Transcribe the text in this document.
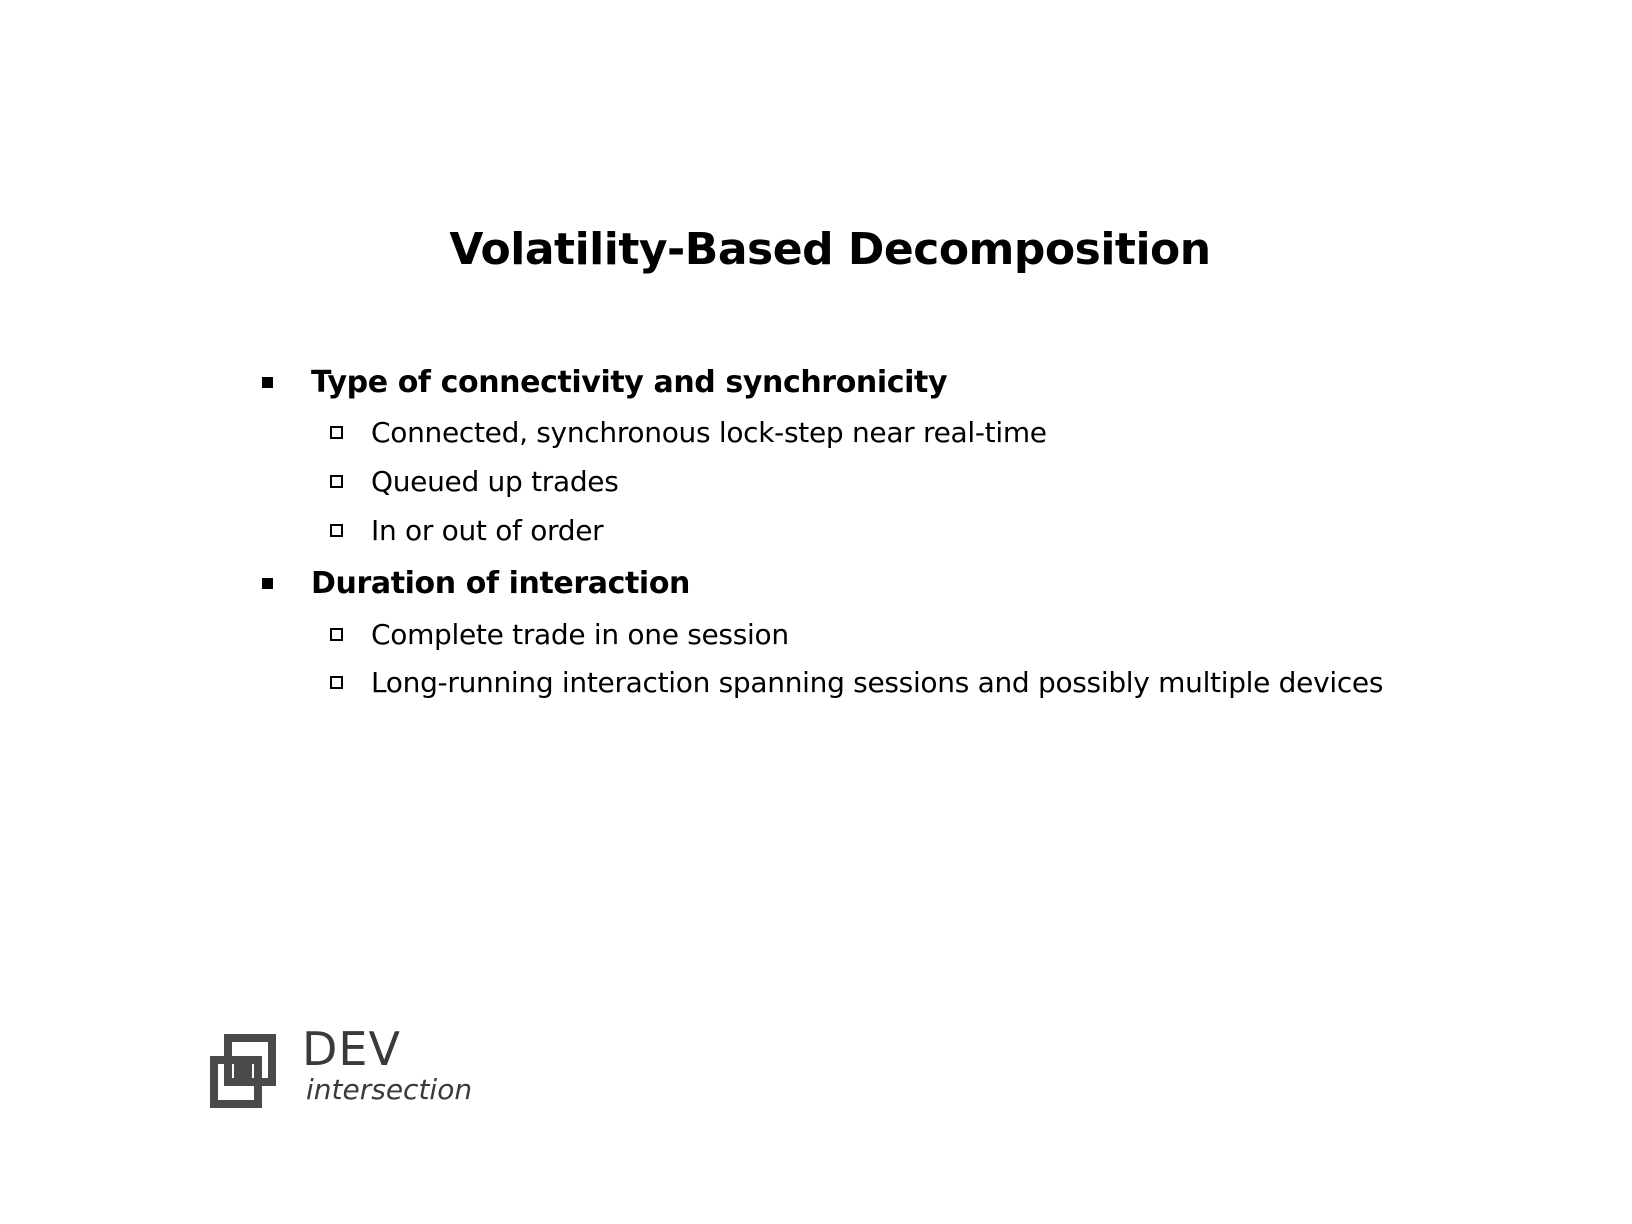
Volatility-Based Decomposition
Type of connectivity and synchronicity
Connected, synchronous lock-step near real-time
Queued up trades
In or out of order
Duration of interaction
Complete trade in one session
Long-running interaction spanning sessions and possibly multiple devices
DEV
intersection
